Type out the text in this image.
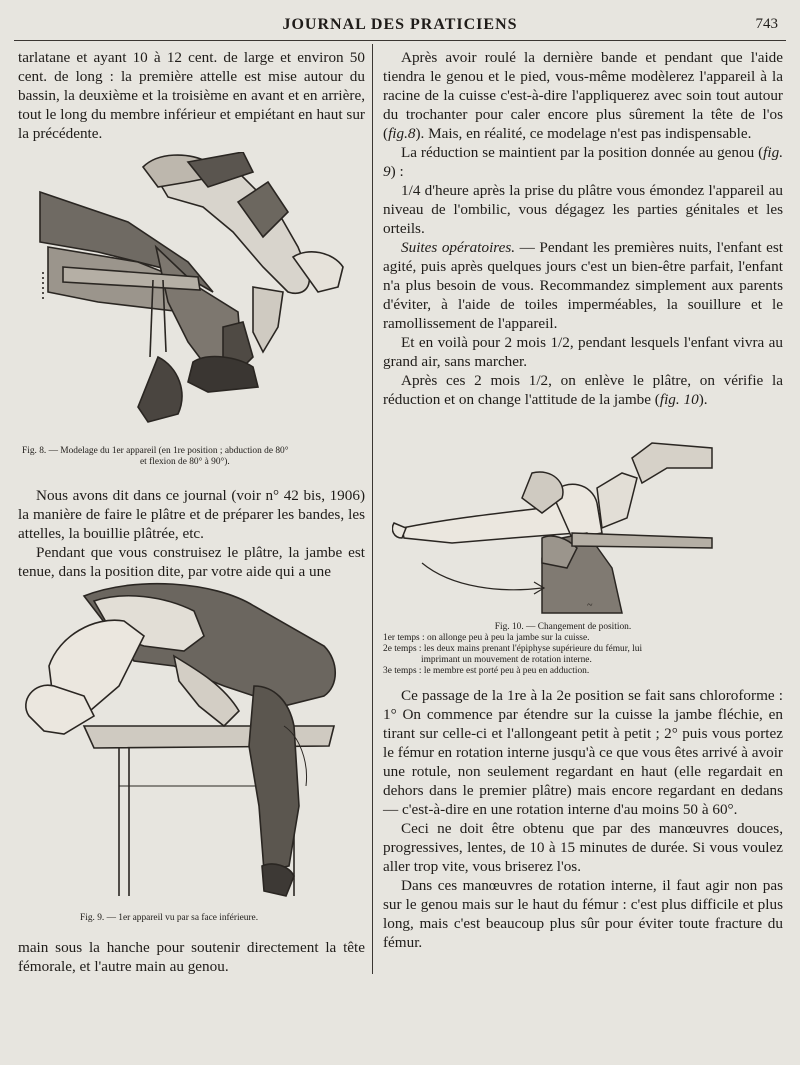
JOURNAL DES PRATICIENS	743

tarlatane et ayant 10 à 12 cent. de large et environ 50 cent. de long : la première attelle est mise autour du bassin, la deuxième et la troisième en avant et en arrière, tout le long du membre inférieur et empiétant en haut sur la précédente.

Fig. 8. — Modelage du 1er appareil (en 1re position ; abduction de 80°
et flexion de 80° à 90°).

Nous avons dit dans ce journal (voir n° 42 bis, 1906) la manière de faire le plâtre et de préparer les bandes, les attelles, la bouillie plâtrée, etc.

Pendant que vous construisez le plâtre, la jambe est tenue, dans la position dite, par votre aide qui a une

Fig. 9. — 1er appareil vu par sa face inférieure.

main sous la hanche pour soutenir directement la tête fémorale, et l'autre main au genou.

Après avoir roulé la dernière bande et pendant que l'aide tiendra le genou et le pied, vous-même modèlerez l'appareil à la racine de la cuisse c'est-à-dire l'appliquerez avec soin tout autour du trochanter pour caler encore plus sûrement la tête de l'os (fig.8). Mais, en réalité, ce modelage n'est pas indispensable.

La réduction se maintient par la position donnée au genou (fig. 9) :

1/4 d'heure après la prise du plâtre vous émondez l'appareil au niveau de l'ombilic, vous dégagez les parties génitales et les orteils.

Suites opératoires. — Pendant les premières nuits, l'enfant est agité, puis après quelques jours c'est un bien-être parfait, l'enfant n'a plus besoin de vous. Recommandez simplement aux parents d'éviter, à l'aide de toiles imperméables, la souillure et le ramollissement de l'appareil.

Et en voilà pour 2 mois 1/2, pendant lesquels l'enfant vivra au grand air, sans marcher.

Après ces 2 mois 1/2, on enlève le plâtre, on vérifie la réduction et on change l'attitude de la jambe (fig. 10).

~
Fig. 10. — Changement de position.
1er temps : on allonge peu à peu la jambe sur la cuisse.
2e temps : les deux mains prenant l'épiphyse supérieure du fémur, lui
imprimant un mouvement de rotation interne.
3e temps : le membre est porté peu à peu en adduction.

Ce passage de la 1re à la 2e position se fait sans chloroforme : 1° On commence par étendre sur la cuisse la jambe fléchie, en tirant sur celle-ci et l'allongeant petit à petit ; 2° puis vous portez le fémur en rotation interne jusqu'à ce que vous êtes arrivé à avoir une rotule, non seulement regardant en haut (elle regardait en dehors dans le premier plâtre) mais encore regardant en dedans — c'est-à-dire en une rotation interne d'au moins 50 à 60°.

Ceci ne doit être obtenu que par des manœuvres douces, progressives, lentes, de 10 à 15 minutes de durée. Si vous voulez aller trop vite, vous briserez l'os.

Dans ces manœuvres de rotation interne, il faut agir non pas sur le genou mais sur le haut du fémur : c'est plus difficile et plus long, mais c'est beaucoup plus sûr pour éviter toute fracture du fémur.
